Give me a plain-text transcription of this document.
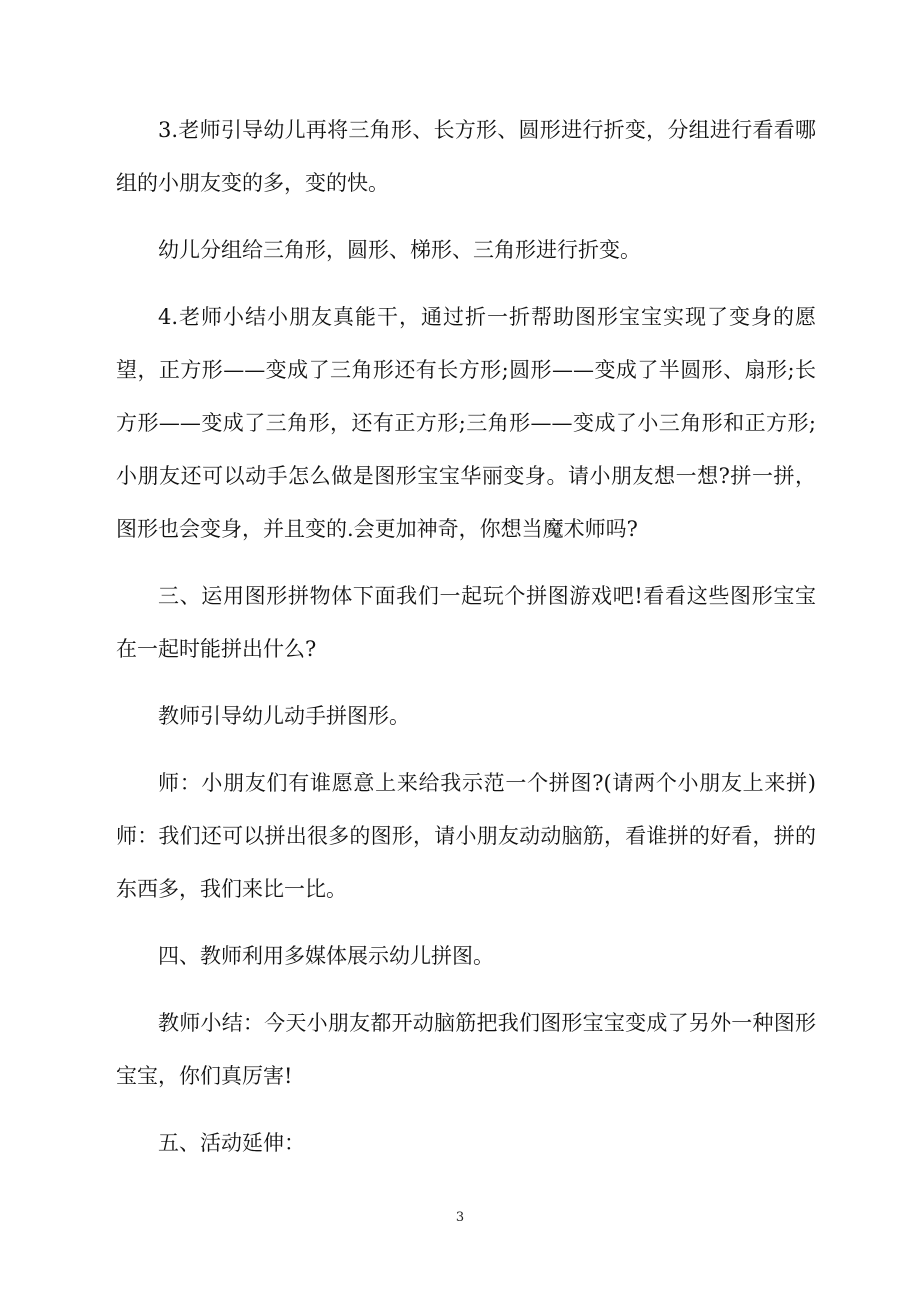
3.老师引导幼儿再将三角形、长方形、圆形进行折变，分组进行看看哪组的小朋友变的多，变的快。

幼儿分组给三角形，圆形、梯形、三角形进行折变。

4.老师小结小朋友真能干，通过折一折帮助图形宝宝实现了变身的愿望，正方形——变成了三角形还有长方形;圆形——变成了半圆形、扇形;长方形——变成了三角形，还有正方形;三角形——变成了小三角形和正方形;小朋友还可以动手怎么做是图形宝宝华丽变身。请小朋友想一想?拼一拼，图形也会变身，并且变的.会更加神奇，你想当魔术师吗?

三、运用图形拼物体下面我们一起玩个拼图游戏吧!看看这些图形宝宝在一起时能拼出什么?

教师引导幼儿动手拼图形。

师：小朋友们有谁愿意上来给我示范一个拼图?(请两个小朋友上来拼)师：我们还可以拼出很多的图形，请小朋友动动脑筋，看谁拼的好看，拼的东西多，我们来比一比。

四、教师利用多媒体展示幼儿拼图。

教师小结：今天小朋友都开动脑筋把我们图形宝宝变成了另外一种图形宝宝，你们真厉害!

五、活动延伸：

3
